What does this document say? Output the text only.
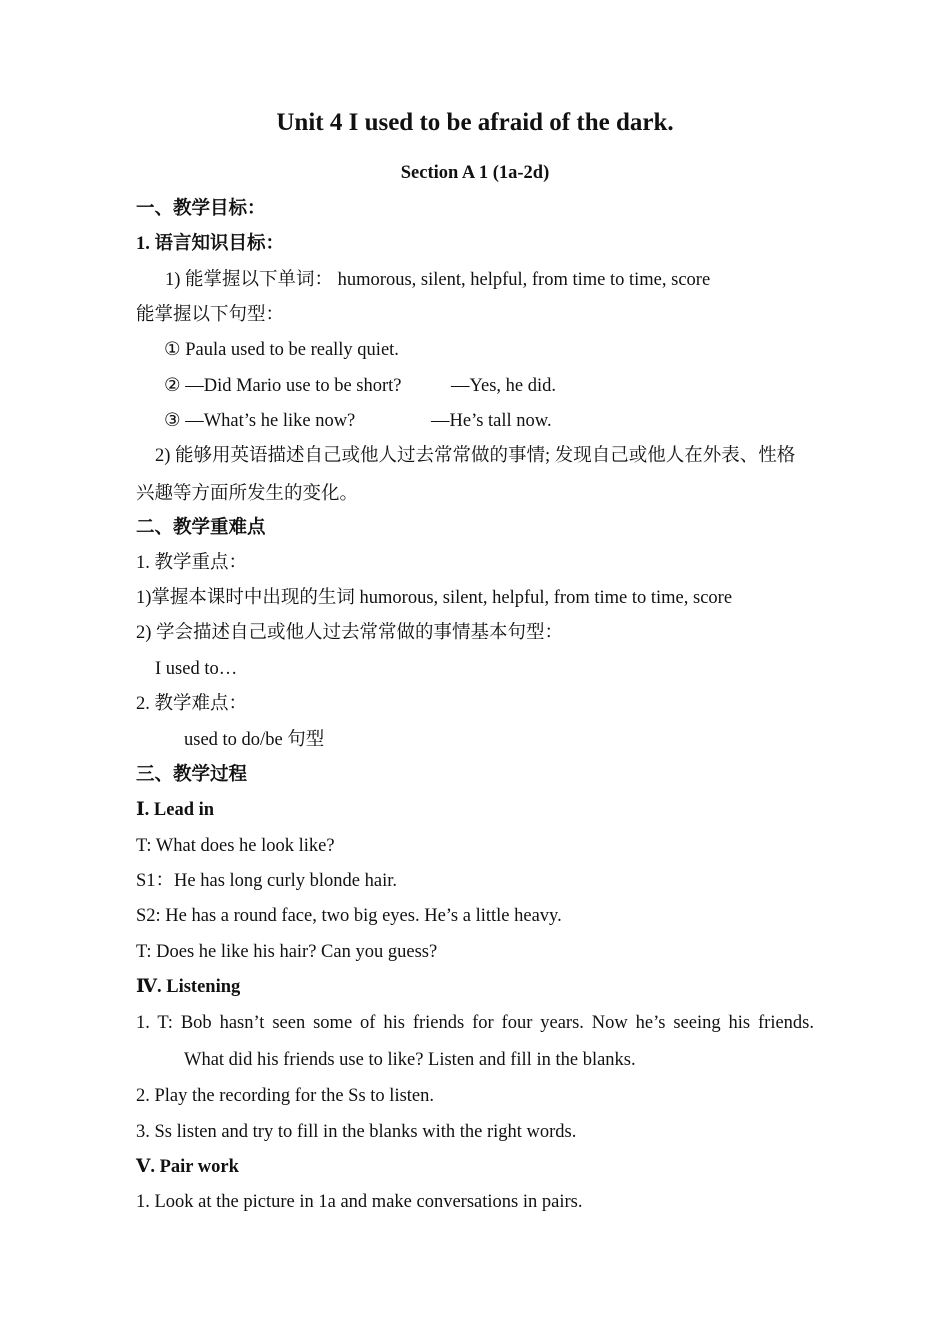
Unit 4 I used to be afraid of the dark.
Section A 1 (1a-2d)
一、教学目标：
1. 语言知识目标：
1) 能掌握以下单词： humorous, silent, helpful, from time to time, score
能掌握以下句型：
① Paula used to be really quiet.
② —Did Mario use to be short?	—Yes, he did.
③ —What’s he like now?	—He’s tall now.
2) 能够用英语描述自己或他人过去常常做的事情; 发现自己或他人在外表、性格
兴趣等方面所发生的变化。
二、教学重难点
1. 教学重点：
1)掌握本课时中出现的生词 humorous, silent, helpful, from time to time, score
2) 学会描述自己或他人过去常常做的事情基本句型：
I used to…
2. 教学难点：
used to do/be 句型
三、教学过程
Ⅰ. Lead in
T: What does he look like?
S1：He has long curly blonde hair.
S2: He has a round face, two big eyes. He’s a little heavy.
T: Does he like his hair? Can you guess?
Ⅳ. Listening
1. T: Bob hasn’t seen some of his friends for four years. Now he’s seeing his friends.
What did his friends use to like? Listen and fill in the blanks.
2. Play the recording for the Ss to listen.
3. Ss listen and try to fill in the blanks with the right words.
Ⅴ. Pair work
1. Look at the picture in 1a and make conversations in pairs.
